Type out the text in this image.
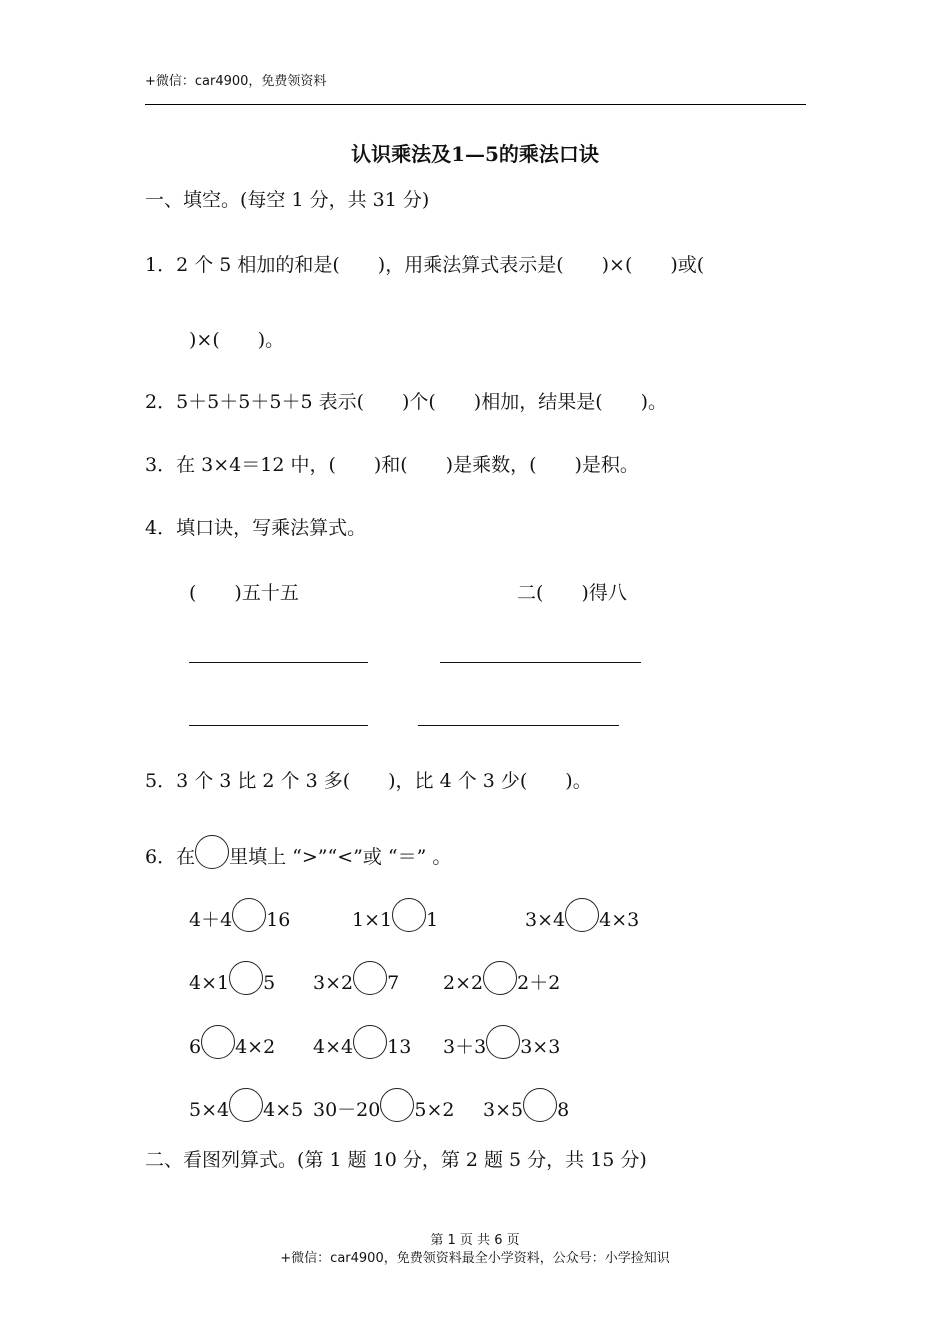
+微信：car4900，免费领资料
认识乘法及1—5的乘法口诀
一、填空。(每空 1 分，共 31 分)
1．2 个 5 相加的和是(　　)，用乘法算式表示是(　　)×(　　)或(
)×(　　)。
2．5＋5＋5＋5＋5 表示(　　)个(　　)相加，结果是(　　)。
3．在 3×4＝12 中，(　　)和(　　)是乘数，(　　)是积。
4．填口诀，写乘法算式。
( )五十五	二( )得八
5．3 个 3 比 2 个 3 多(　　)，比 4 个 3 少(　　)。
6．在 里填上 “>”“<”或 “＝” 。
4＋4 16	1×1 1	3×4 4×3
4×1 5 3×2 7 2×2 2＋2
6 4×2 4×4 13 3＋3 3×3
5×4 4×5 30－20 5×2 3×5 8
二、看图列算式。(第 1 题 10 分，第 2 题 5 分，共 15 分)
第 1 页 共 6 页
+微信：car4900，免费领资料最全小学资料，公众号：小学捡知识
